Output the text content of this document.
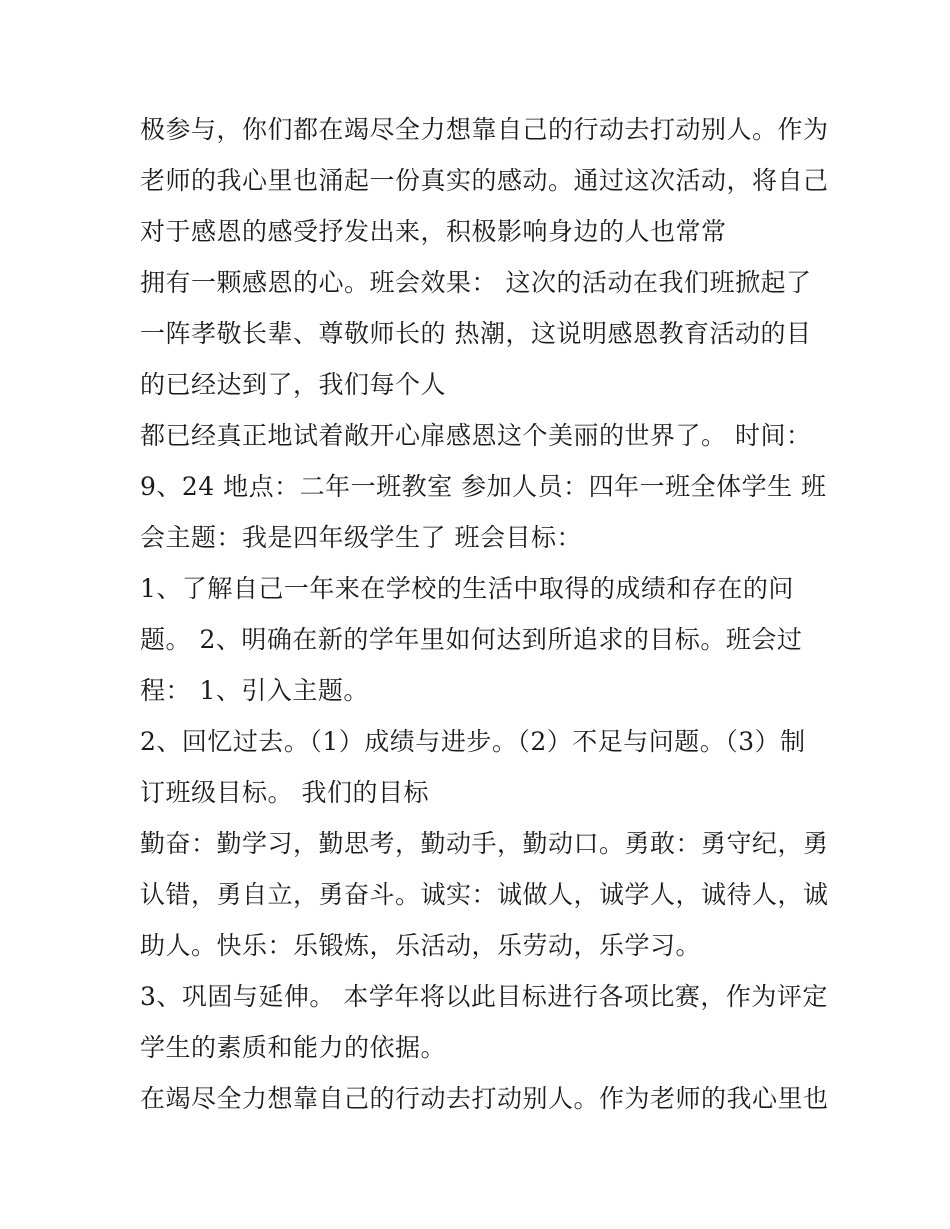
极参与，你们都在竭尽全力想靠自己的行动去打动别人。作为
老师的我心里也涌起一份真实的感动。通过这次活动，将自己
对于感恩的感受抒发出来，积极影响身边的人也常常
拥有一颗感恩的心。班会效果： 这次的活动在我们班掀起了
一阵孝敬长辈、尊敬师长的 热潮，这说明感恩教育活动的目
的已经达到了，我们每个人
都已经真正地试着敞开心扉感恩这个美丽的世界了。 时间：
9、24 地点：二年一班教室 参加人员：四年一班全体学生 班
会主题：我是四年级学生了 班会目标：
1、了解自己一年来在学校的生活中取得的成绩和存在的问
题。 2、明确在新的学年里如何达到所追求的目标。班会过
程： 1、引入主题。
2、回忆过去。（1）成绩与进步。（2）不足与问题。（3）制
订班级目标。 我们的目标
勤奋：勤学习，勤思考，勤动手，勤动口。勇敢：勇守纪，勇
认错，勇自立，勇奋斗。诚实：诚做人，诚学人，诚待人，诚
助人。快乐：乐锻炼，乐活动，乐劳动，乐学习。
3、巩固与延伸。 本学年将以此目标进行各项比赛，作为评定
学生的素质和能力的依据。
在竭尽全力想靠自己的行动去打动别人。作为老师的我心里也
